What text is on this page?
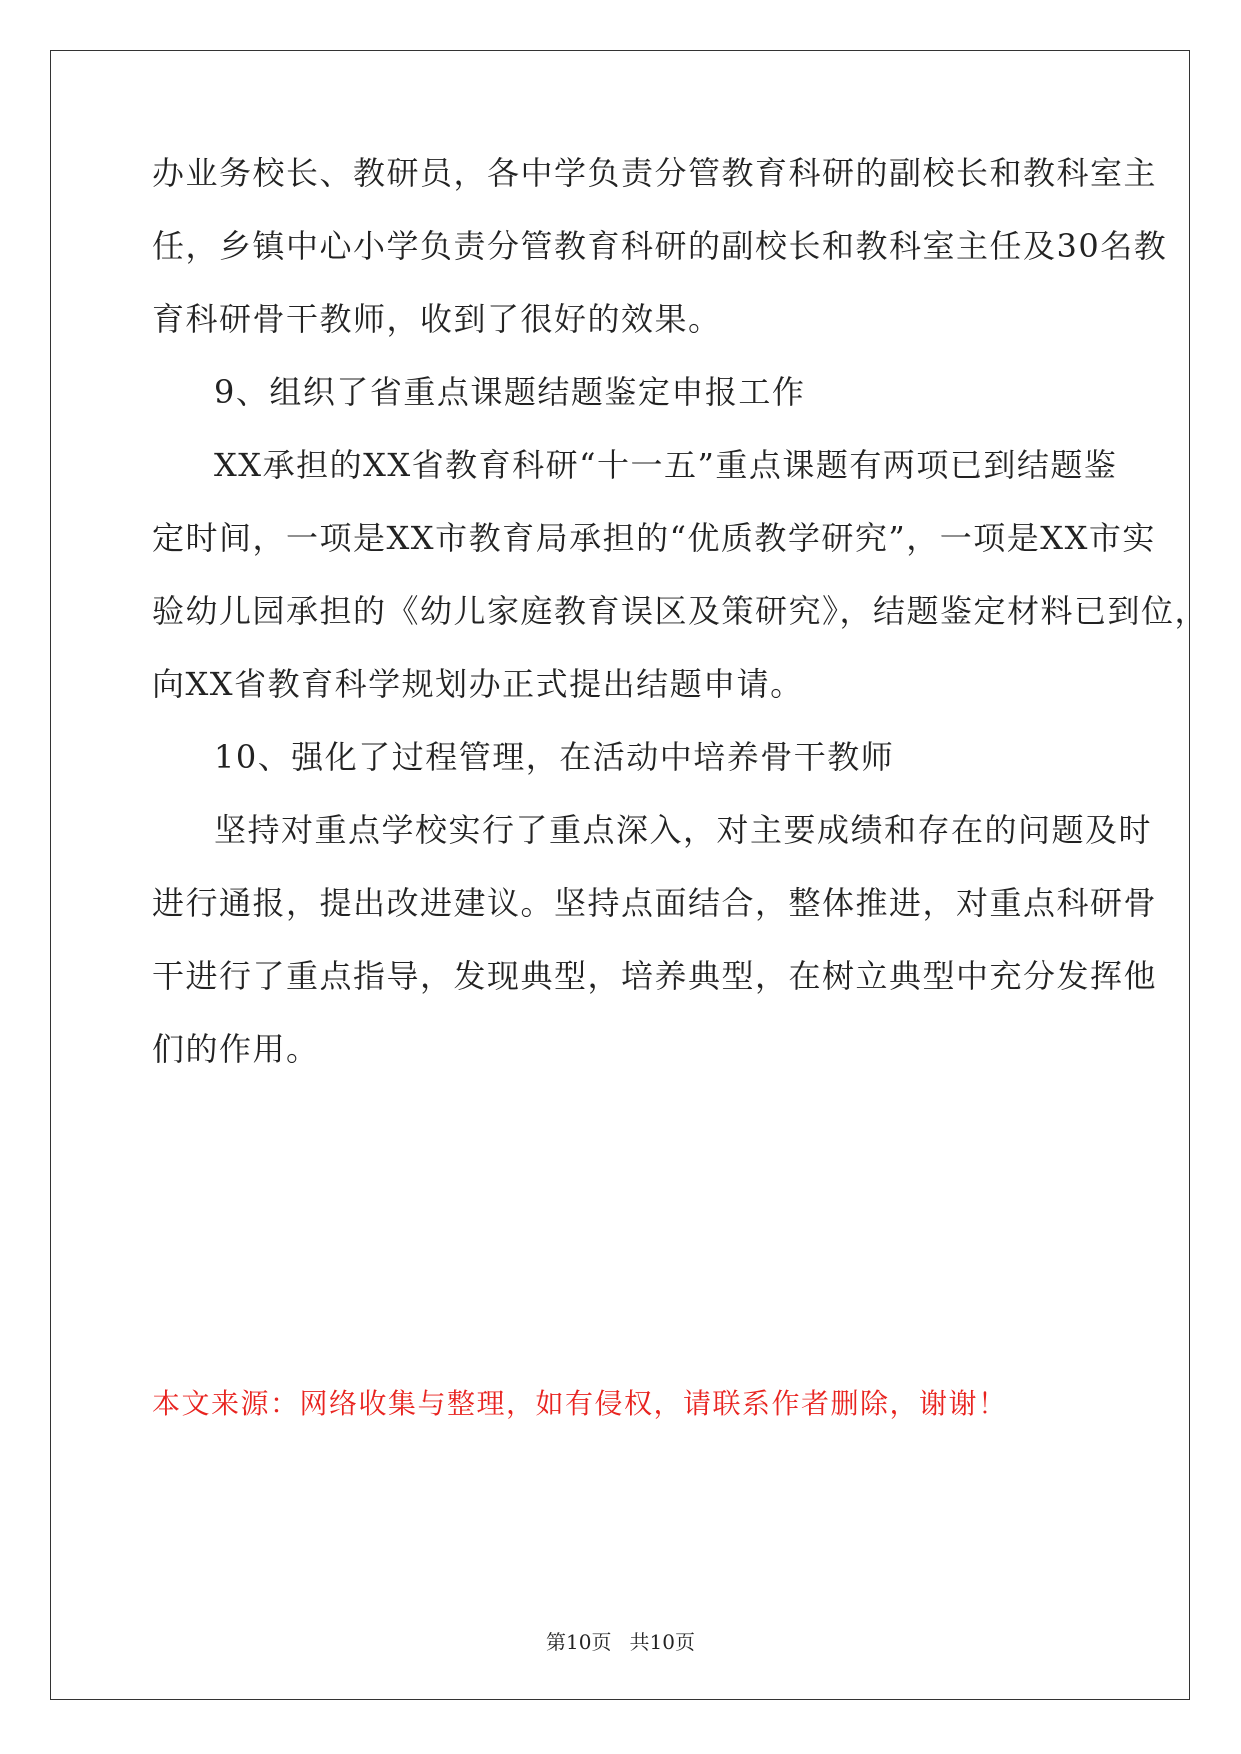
办业务校长、教研员，各中学负责分管教育科研的副校长和教科室主
任，乡镇中心小学负责分管教育科研的副校长和教科室主任及30名教
育科研骨干教师，收到了很好的效果。
9、组织了省重点课题结题鉴定申报工作
XX承担的XX省教育科研“十一五”重点课题有两项已到结题鉴
定时间，一项是XX市教育局承担的“优质教学研究”，一项是XX市实
验幼儿园承担的《幼儿家庭教育误区及策研究》，结题鉴定材料已到位，
向XX省教育科学规划办正式提出结题申请。
10、强化了过程管理，在活动中培养骨干教师
坚持对重点学校实行了重点深入，对主要成绩和存在的问题及时
进行通报，提出改进建议。坚持点面结合，整体推进，对重点科研骨
干进行了重点指导，发现典型，培养典型，在树立典型中充分发挥他
们的作用。
本文来源：网络收集与整理，如有侵权，请联系作者删除，谢谢！
第10页 共10页
